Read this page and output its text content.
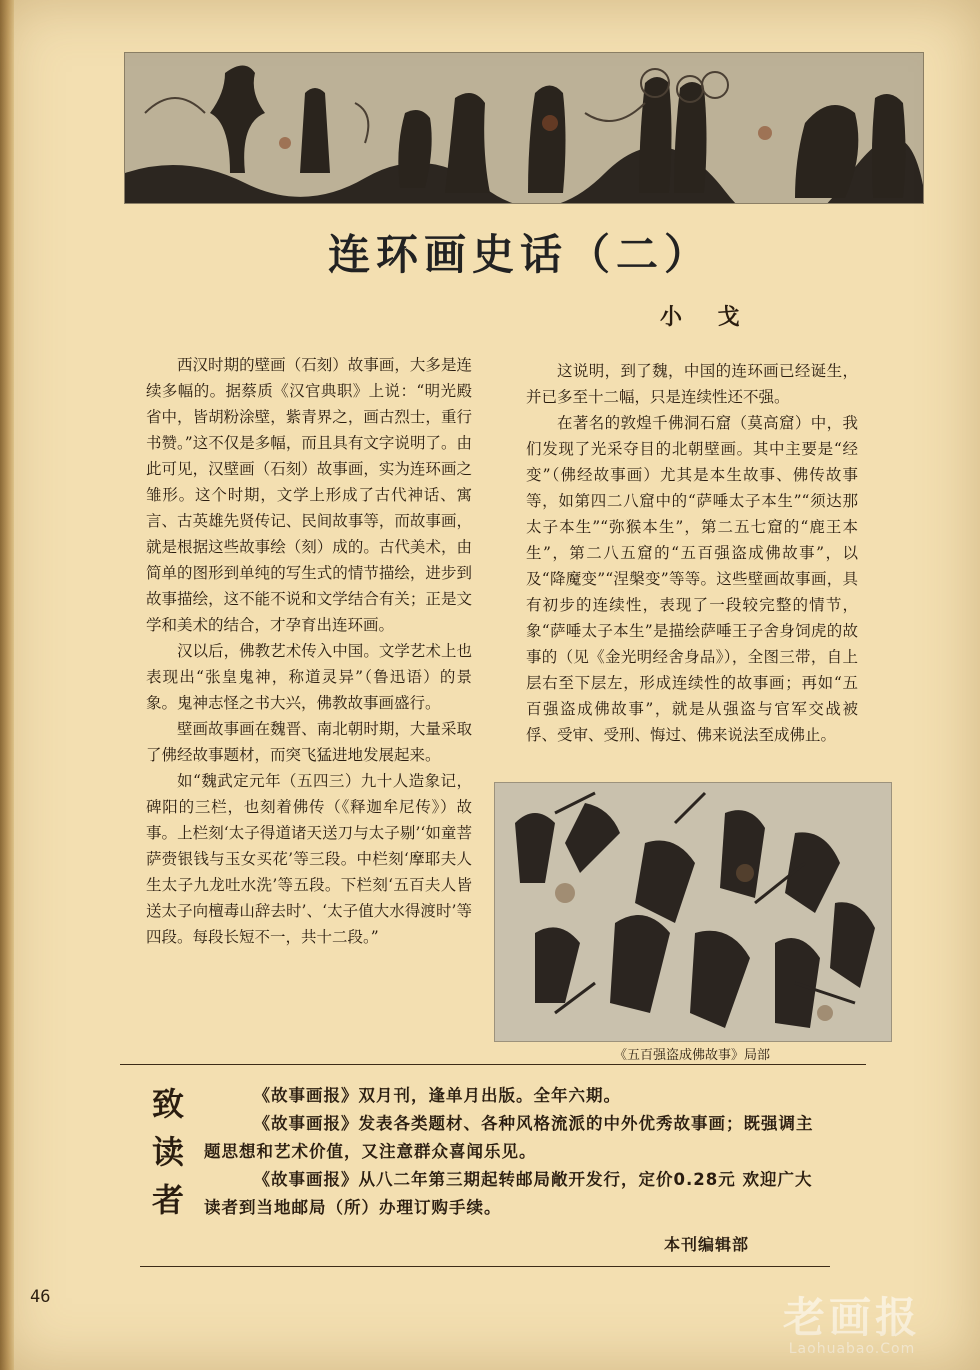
连环画史话（二）
小 戈

西汉时期的壁画（石刻）故事画，大多是连续多幅的。据蔡质《汉官典职》上说：“明光殿省中，皆胡粉涂壁，紫青界之，画古烈士，重行书赞。”这不仅是多幅，而且具有文字说明了。由此可见，汉壁画（石刻）故事画，实为连环画之雏形。这个时期，文学上形成了古代神话、寓言、古英雄先贤传记、民间故事等，而故事画，就是根据这些故事绘（刻）成的。古代美术，由简单的图形到单纯的写生式的情节描绘，进步到故事描绘，这不能不说和文学结合有关；正是文学和美术的结合，才孕育出连环画。

汉以后，佛教艺术传入中国。文学艺术上也表现出“张皇鬼神，称道灵异”（鲁迅语）的景象。鬼神志怪之书大兴，佛教故事画盛行。

壁画故事画在魏晋、南北朝时期，大量采取了佛经故事题材，而突飞猛进地发展起来。

如“魏武定元年（五四三）九十人造象记，碑阳的三栏，也刻着佛传（《释迦牟尼传》）故事。上栏刻‘太子得道诸天送刀与太子剔’‘如童菩萨赍银钱与玉女买花’等三段。中栏刻‘摩耶夫人生太子九龙吐水洗’等五段。下栏刻‘五百夫人皆送太子向檀毒山辞去时’、‘太子值大水得渡时’等四段。每段长短不一，共十二段。”

这说明，到了魏，中国的连环画已经诞生，并已多至十二幅，只是连续性还不强。

在著名的敦煌千佛洞石窟（莫高窟）中，我们发现了光采夺目的北朝壁画。其中主要是“经变”（佛经故事画）尤其是本生故事、佛传故事等，如第四二八窟中的“萨唾太子本生”“须达那太子本生”“弥猴本生”，第二五七窟的“鹿王本生”，第二八五窟的“五百强盗成佛故事”，以及“降魔变”“涅槃变”等等。这些壁画故事画，具有初步的连续性，表现了一段较完整的情节，象“萨唾太子本生”是描绘萨唾王子舍身饲虎的故事的（见《金光明经舍身品》），全图三带，自上层右至下层左，形成连续性的故事画；再如“五百强盗成佛故事”，就是从强盗与官军交战被俘、受审、受刑、悔过、佛来说法至成佛止。

《五百强盗成佛故事》局部
致
读
者

《故事画报》双月刊，逢单月出版。全年六期。

《故事画报》发表各类题材、各种风格流派的中外优秀故事画；既强调主题思想和艺术价值，又注意群众喜闻乐见。

《故事画报》从八二年第三期起转邮局敞开发行，定价0.28元 欢迎广大读者到当地邮局（所）办理订购手续。

本刊编辑部
46	老画报
Laohuabao.Com
